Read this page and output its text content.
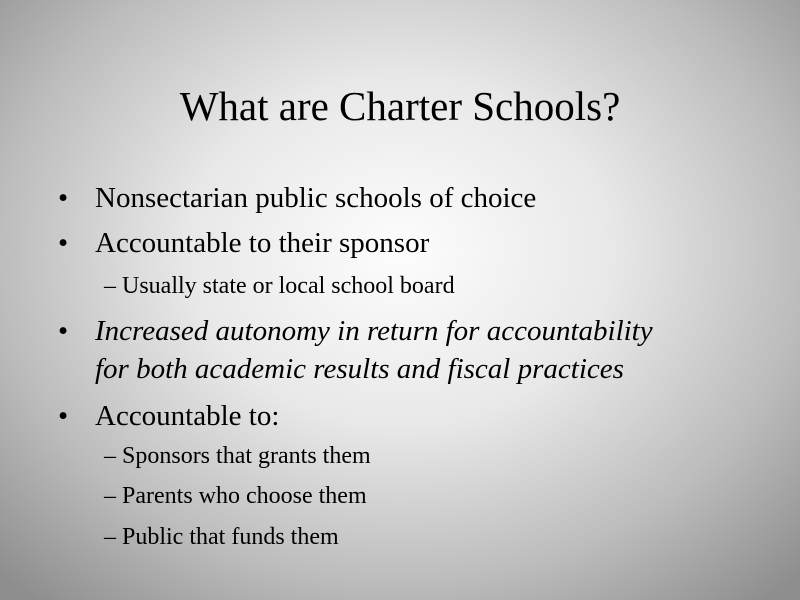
What are Charter Schools?
• Nonsectarian public schools of choice
• Accountable to their sponsor
– Usually state or local school board
• Increased autonomy in return for accountability
for both academic results and fiscal practices
• Accountable to:
– Sponsors that grants them
– Parents who choose them
– Public that funds them
